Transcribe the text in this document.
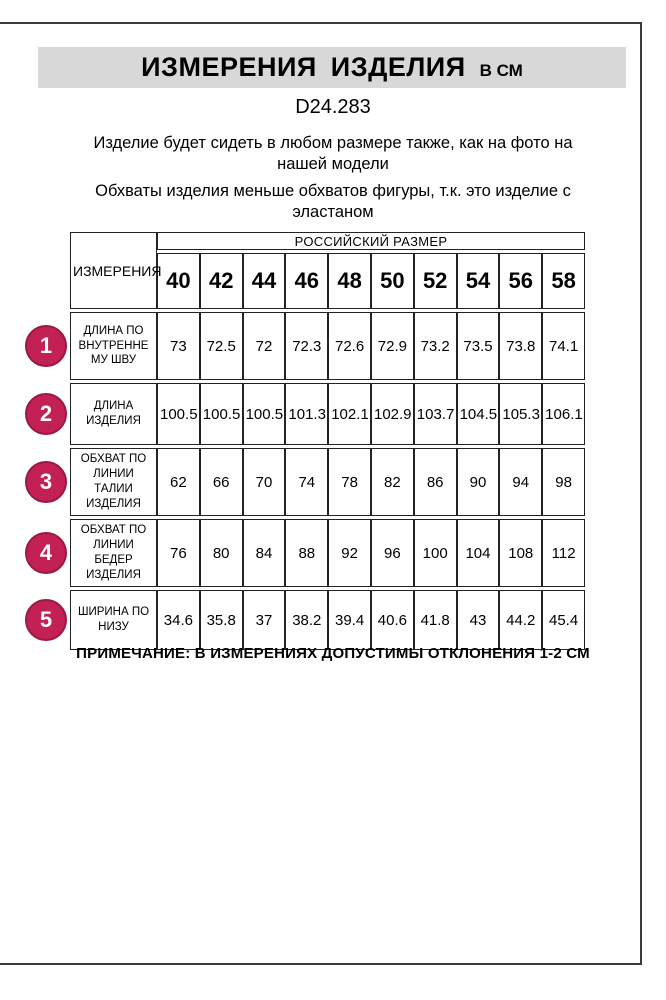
ИЗМЕРЕНИЯ ИЗДЕЛИЯ В СМ
D24.283
Изделие будет сидеть в любом размере также, как на фото на нашей модели
Обхваты изделия меньше обхватов фигуры, т.к. это изделие с эластаном
ИЗМЕРЕНИЯ	РОССИЙСКИЙ РАЗМЕР									
	40	42	44	46	48	50	52	54	56	58

1
ДЛИНА ПО ВНУТРЕННЕМУ ШВУ	73	72.5	72	72.3	72.6	72.9	73.2	73.5	73.8	74.1

2 ДЛИНА ИЗДЕЛИЯ	100.5	100.5	100.5	101.3	102.1	102.9	103.7	104.5	105.3	106.1

3
ОБХВАТ ПО ЛИНИИ ТАЛИИ ИЗДЕЛИЯ	62	66	70	74	78	82	86	90	94	98

4
ОБХВАТ ПО ЛИНИИ БЕДЕР ИЗДЕЛИЯ	76	80	84	88	92	96	100	104	108	112

5 ШИРИНА ПО НИЗУ	34.6	35.8	37	38.2	39.4	40.6	41.8	43	44.2	45.4
ПРИМЕЧАНИЕ: В ИЗМЕРЕНИЯХ ДОПУСТИМЫ ОТКЛОНЕНИЯ 1-2 СМ
